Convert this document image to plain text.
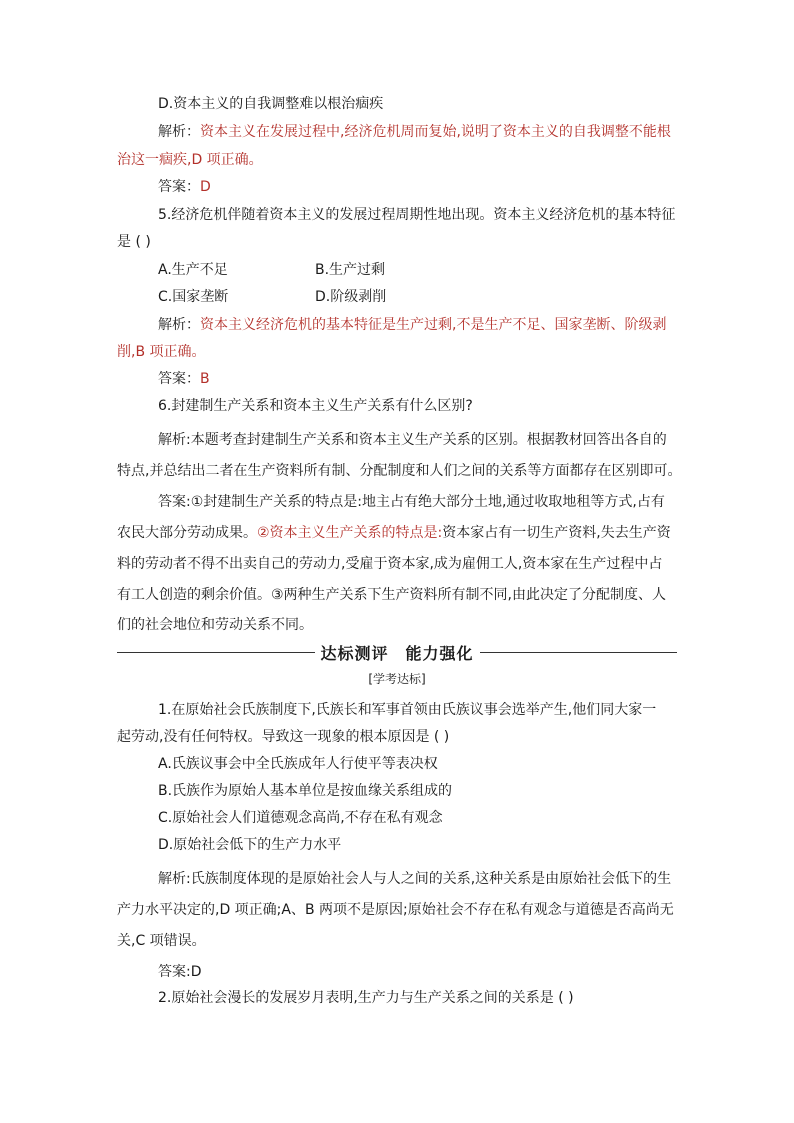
D.资本主义的自我调整难以根治痼疾
解析：资本主义在发展过程中,经济危机周而复始,说明了资本主义的自我调整不能根
治这一痼疾,D 项正确。
答案：D
5.经济危机伴随着资本主义的发展过程周期性地出现。资本主义经济危机的基本特征
是 ( )
A.生产不足	B.生产过剩
C.国家垄断	D.阶级剥削
解析：资本主义经济危机的基本特征是生产过剩,不是生产不足、国家垄断、阶级剥
削,B 项正确。
答案：B
6.封建制生产关系和资本主义生产关系有什么区别?
解析:本题考查封建制生产关系和资本主义生产关系的区别。根据教材回答出各自的
特点,并总结出二者在生产资料所有制、分配制度和人们之间的关系等方面都存在区别即可。
答案:①封建制生产关系的特点是:地主占有绝大部分土地,通过收取地租等方式,占有
农民大部分劳动成果。②资本主义生产关系的特点是:资本家占有一切生产资料,失去生产资
料的劳动者不得不出卖自己的劳动力,受雇于资本家,成为雇佣工人,资本家在生产过程中占
有工人创造的剩余价值。③两种生产关系下生产资料所有制不同,由此决定了分配制度、人
们的社会地位和劳动关系不同。
达标测评　能力强化
[学考达标]
1.在原始社会氏族制度下,氏族长和军事首领由氏族议事会选举产生,他们同大家一
起劳动,没有任何特权。导致这一现象的根本原因是 ( )
A.氏族议事会中全氏族成年人行使平等表决权
B.氏族作为原始人基本单位是按血缘关系组成的
C.原始社会人们道德观念高尚,不存在私有观念
D.原始社会低下的生产力水平
解析:氏族制度体现的是原始社会人与人之间的关系,这种关系是由原始社会低下的生
产力水平决定的,D 项正确;A、B 两项不是原因;原始社会不存在私有观念与道德是否高尚无
关,C 项错误。
答案:D
2.原始社会漫长的发展岁月表明,生产力与生产关系之间的关系是 ( )
